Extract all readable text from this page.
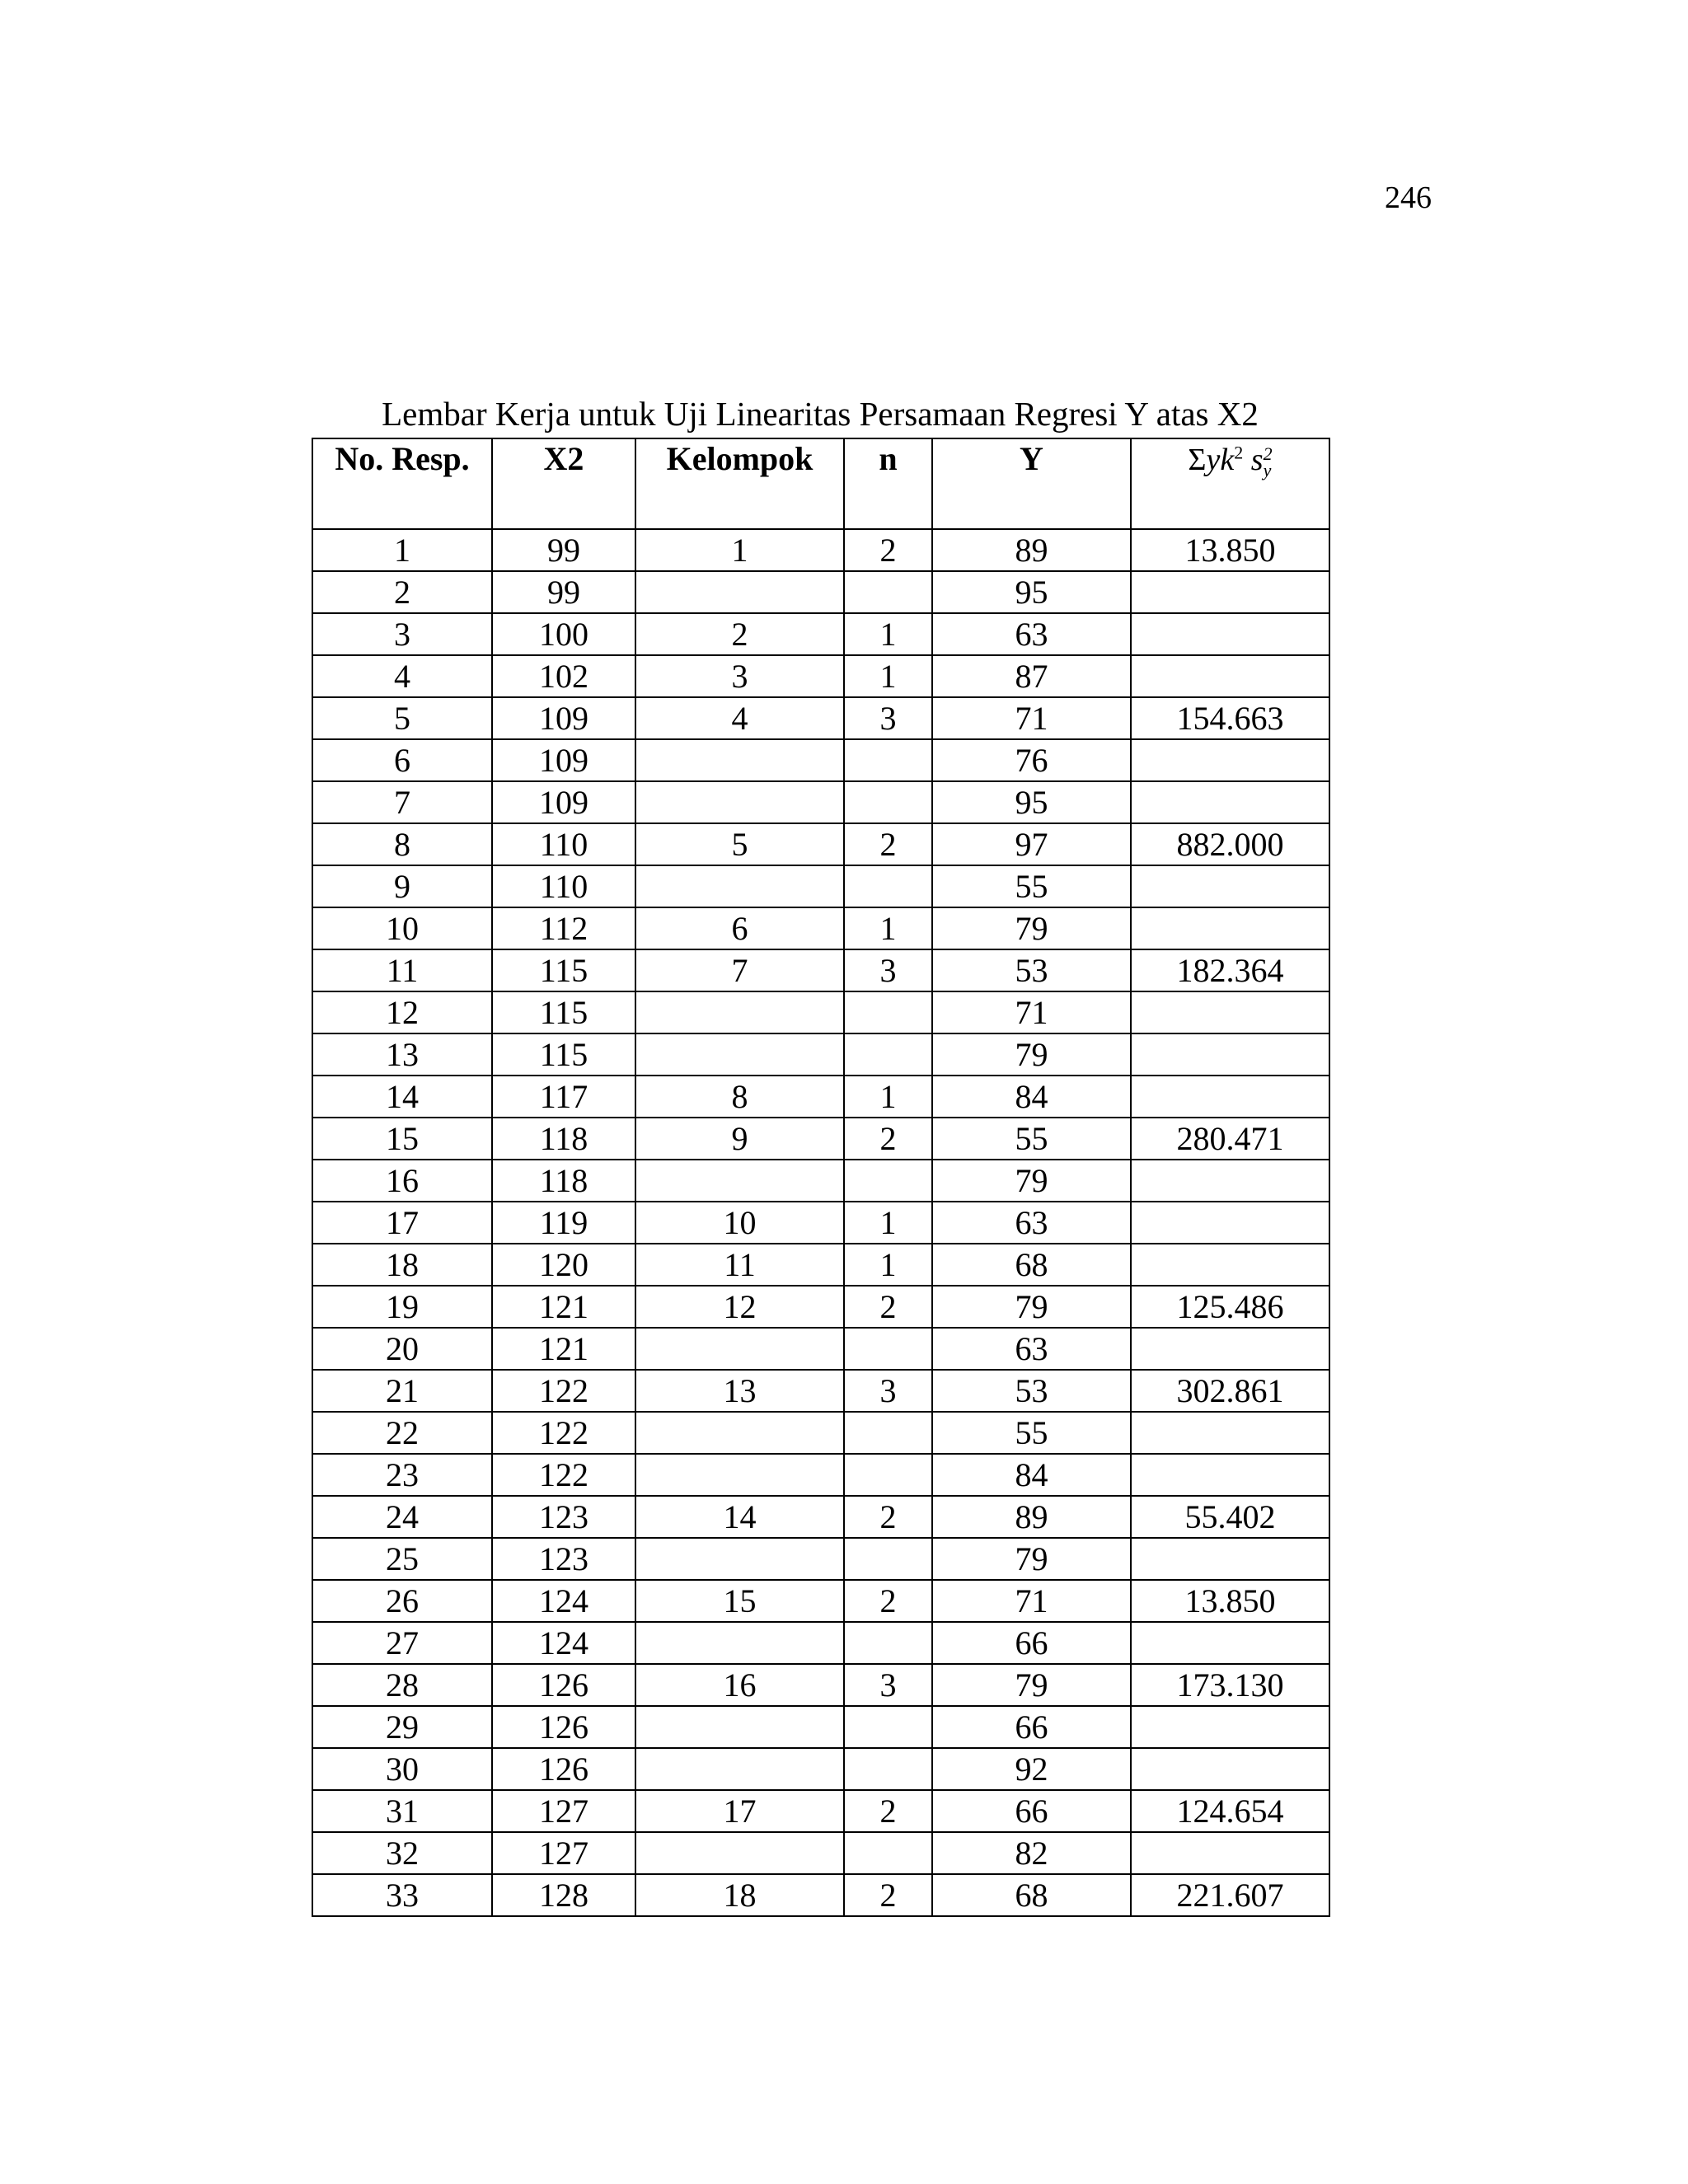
246
Lembar Kerja untuk Uji Linearitas Persamaan Regresi Y atas X2
No. Resp.	X2	Kelompok	n	Y	Σyk$^2$ s 2
y

1	99	1	2	89	13.850
2	99			95	
3	100	2	1	63	
4	102	3	1	87	
5	109	4	3	71	154.663
6	109			76	
7	109			95	
8	110	5	2	97	882.000
9	110			55	
10	112	6	1	79	
11	115	7	3	53	182.364
12	115			71	
13	115			79	
14	117	8	1	84	
15	118	9	2	55	280.471
16	118			79	
17	119	10	1	63	
18	120	11	1	68	
19	121	12	2	79	125.486
20	121			63	
21	122	13	3	53	302.861
22	122			55	
23	122			84	
24	123	14	2	89	55.402
25	123			79	
26	124	15	2	71	13.850
27	124			66	
28	126	16	3	79	173.130
29	126			66	
30	126			92	
31	127	17	2	66	124.654
32	127			82	
33	128	18	2	68	221.607
